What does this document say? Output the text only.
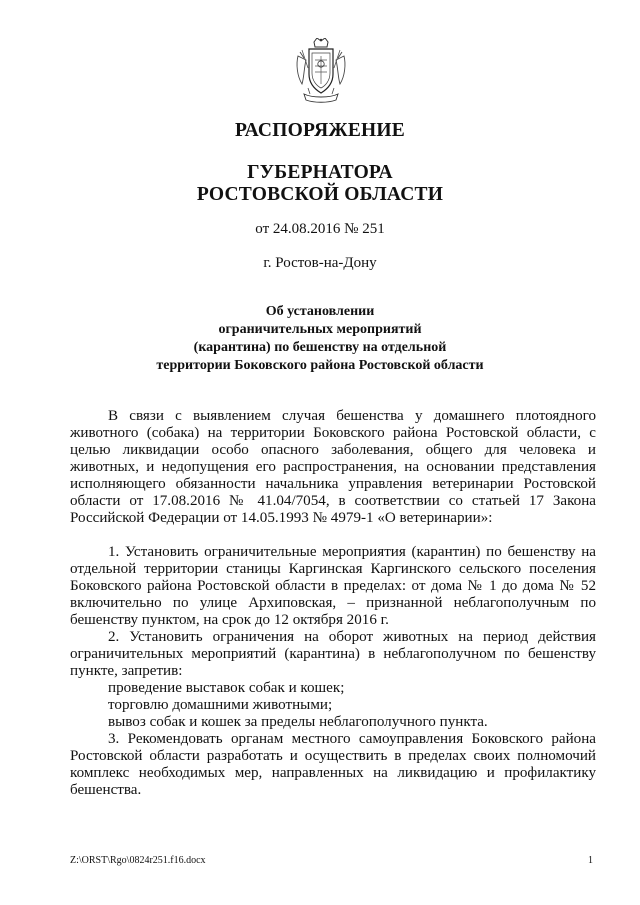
РАСПОРЯЖЕНИЕ
ГУБЕРНАТОРА
РОСТОВСКОЙ ОБЛАСТИ
от 24.08.2016 № 251
г. Ростов-на-Дону
Об установлении
ограничительных мероприятий
(карантина) по бешенству на отдельной
территории Боковского района Ростовской области

В связи с выявлением случая бешенства у домашнего плотоядного животного (собака) на территории Боковского района Ростовской области, с целью ликвидации особо опасного заболевания, общего для человека и животных, и недопущения его распространения, на основании представления исполняющего обязанности начальника управления ветеринарии Ростовской области от 17.08.2016 № 41.04/7054, в соответствии со статьей 17 Закона Российской Федерации от 14.05.1993 № 4979-1 «О ветеринарии»:

1. Установить ограничительные мероприятия (карантин) по бешенству на отдельной территории станицы Каргинская Каргинского сельского поселения Боковского района Ростовской области в пределах: от дома № 1 до дома № 52 включительно по улице Архиповская, – признанной неблагополучным по бешенству пунктом, на срок до 12 октября 2016 г.

2. Установить ограничения на оборот животных на период действия ограничительных мероприятий (карантина) в неблагополучном по бешенству пункте, запретив:

проведение выставок собак и кошек;

торговлю домашними животными;

вывоз собак и кошек за пределы неблагополучного пункта.

3. Рекомендовать органам местного самоуправления Боковского района Ростовской области разработать и осуществить в пределах своих полномочий комплекс необходимых мер, направленных на ликвидацию и профилактику бешенства.

Z:\ORST\Rgo\0824r251.f16.docx	1
